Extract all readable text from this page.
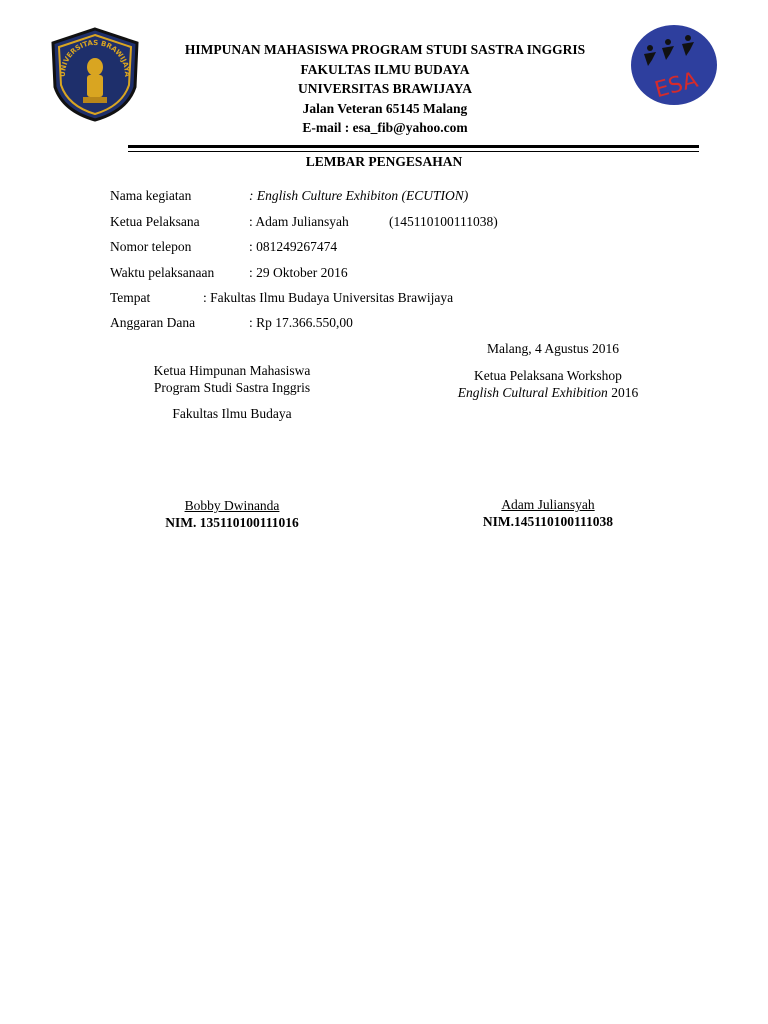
UNIVERSITAS BRAWIJAYA	ESA
HIMPUNAN MAHASISWA PROGRAM STUDI SASTRA INGGRIS
FAKULTAS ILMU BUDAYA
UNIVERSITAS BRAWIJAYA
Jalan Veteran 65145 Malang
E-mail : esa_fib@yahoo.com
LEMBAR PENGESAHAN
Nama kegiatan	: English Culture Exhibiton (ECUTION)
Ketua Pelaksana	: Adam Juliansyah	(145110100111038)
Nomor telepon	: 081249267474
Waktu pelaksanaan	: 29 Oktober 2016
Tempat	: Fakultas Ilmu Budaya Universitas Brawijaya
Anggaran Dana	: Rp 17.366.550,00
Malang, 4 Agustus 2016
Ketua Himpunan Mahasiswa
Program Studi Sastra Inggris
Fakultas Ilmu Budaya
Bobby Dwinanda
NIM. 135110100111016
Ketua Pelaksana Workshop
English Cultural Exhibition 2016
Adam Juliansyah
NIM.145110100111038
